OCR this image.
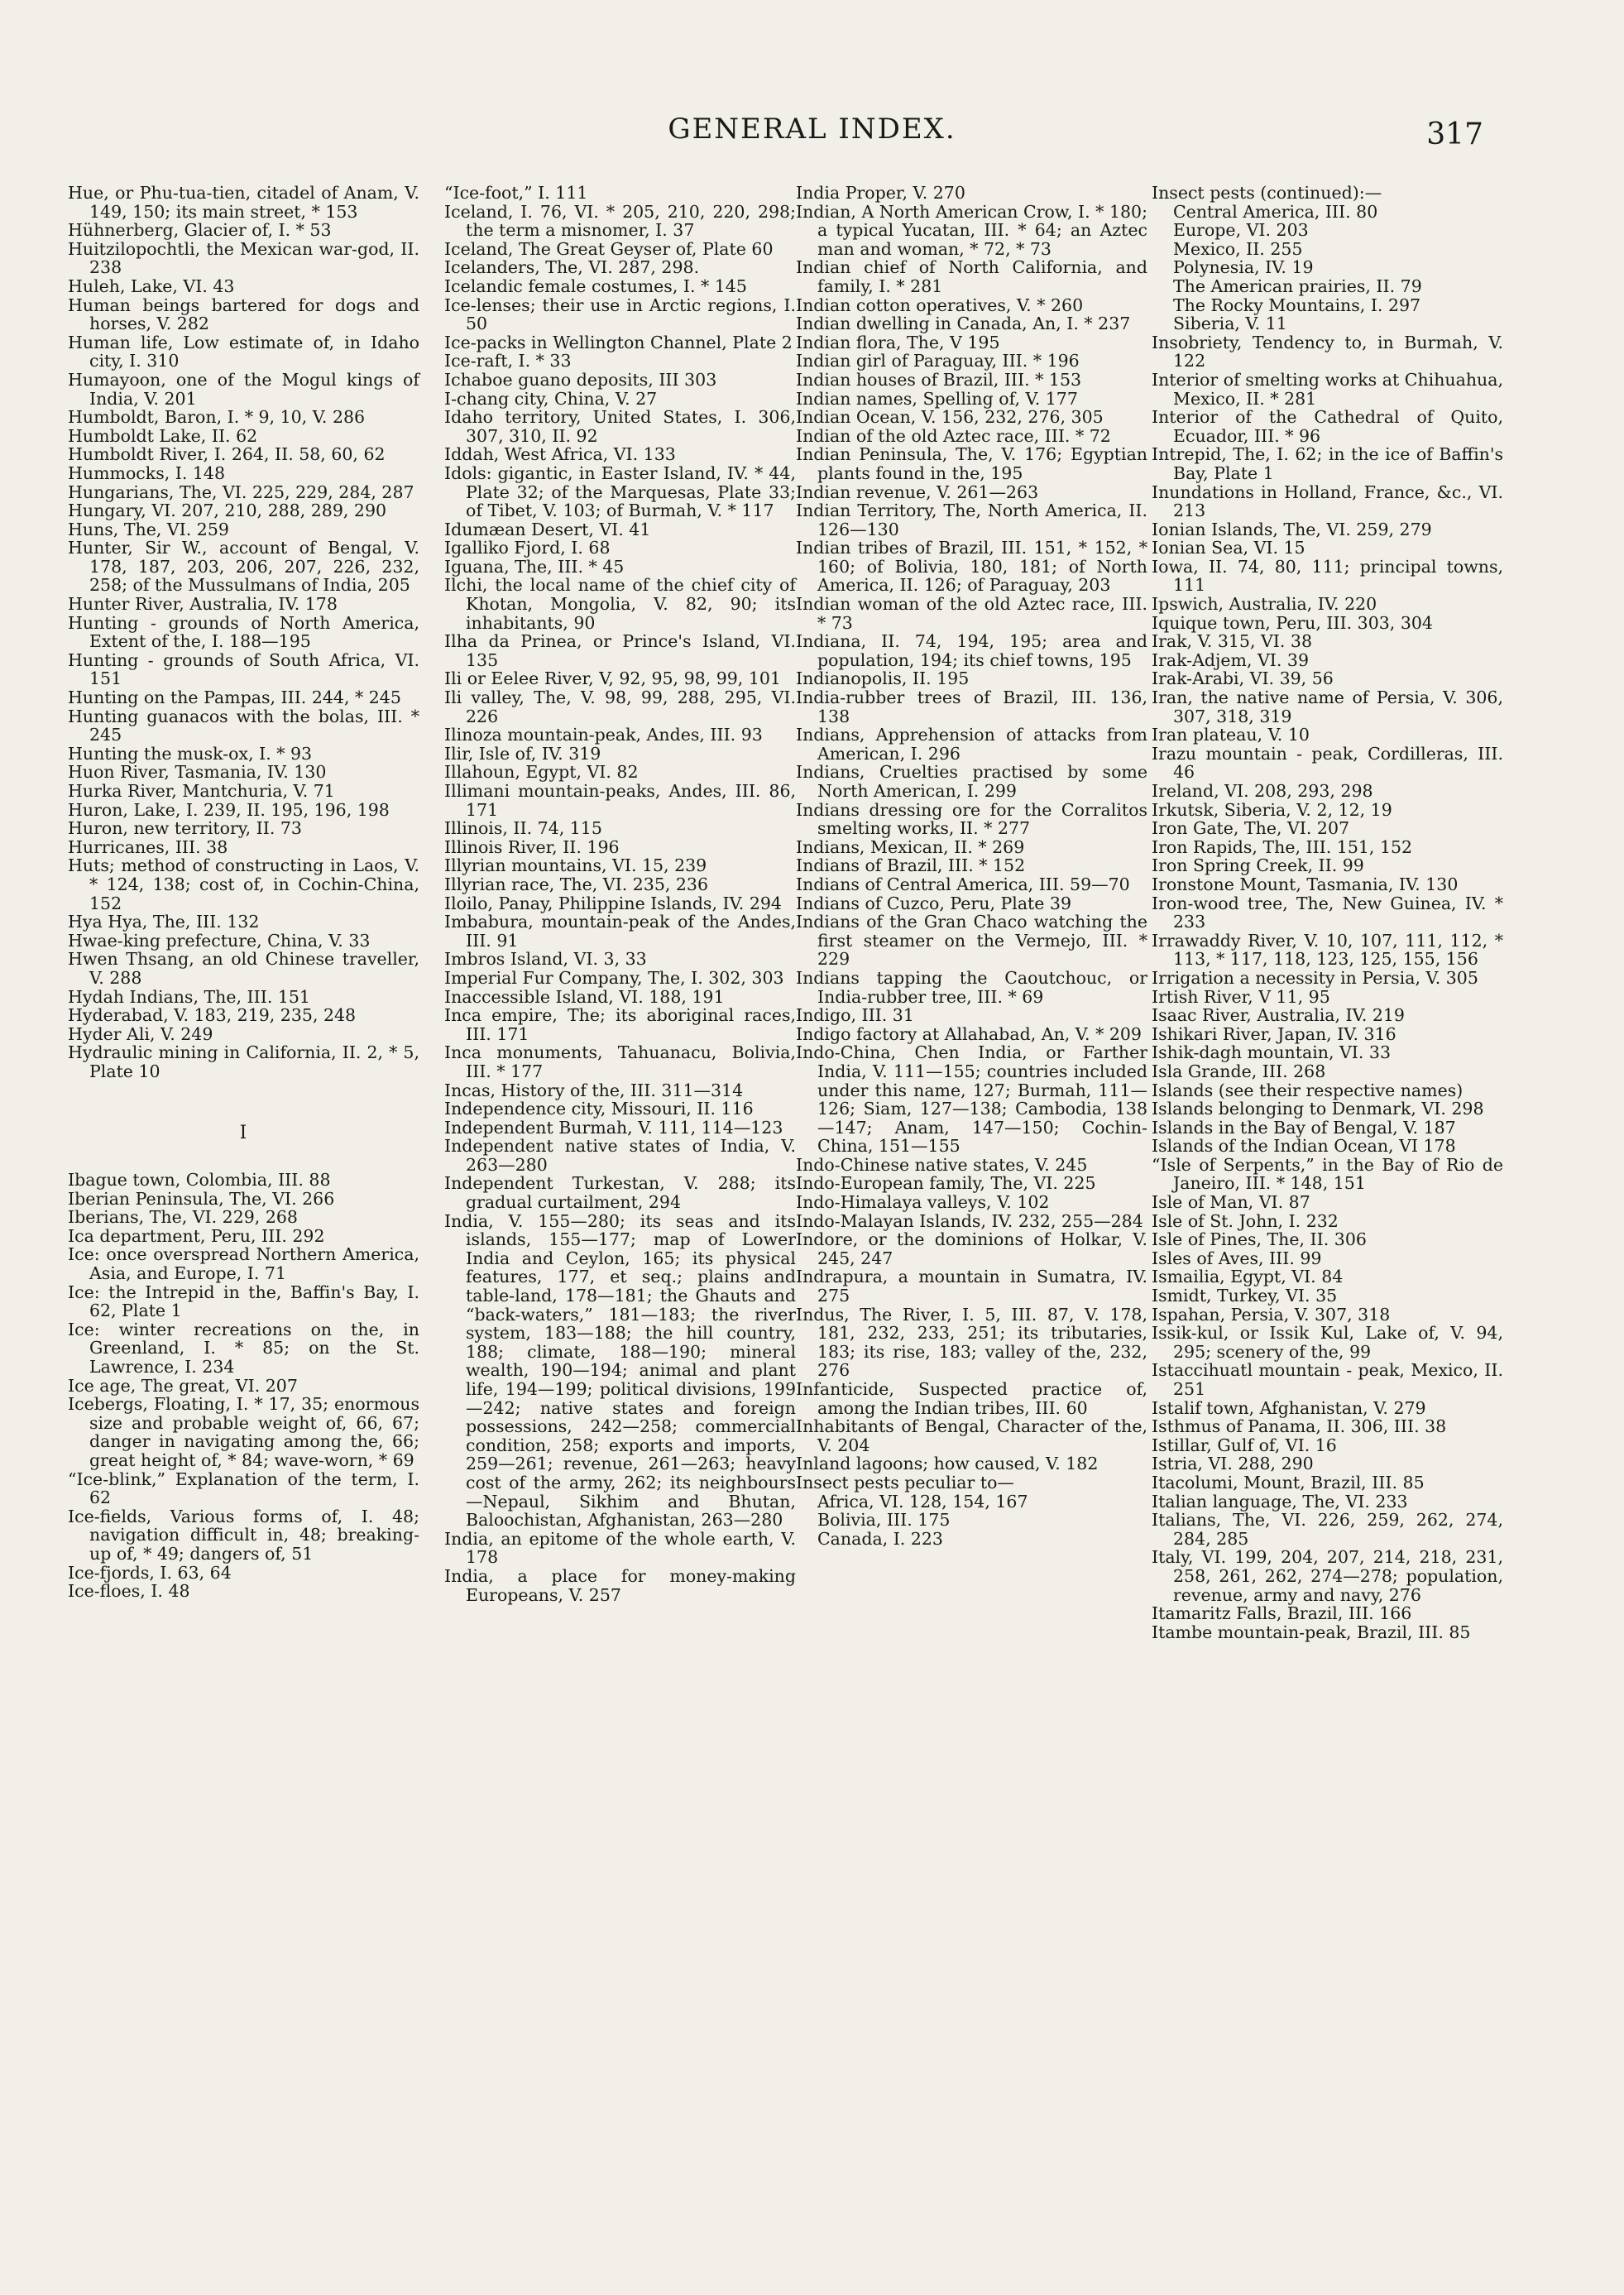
GENERAL INDEX.	317
Hue, or Phu-tua-tien, citadel of Anam, V. 149, 150; its main street, * 153
Hühnerberg, Glacier of, I. * 53
Huitzilopochtli, the Mexican war-god, II. 238
Huleh, Lake, VI. 43
Human beings bartered for dogs and horses, V. 282
Human life, Low estimate of, in Idaho city, I. 310
Humayoon, one of the Mogul kings of India, V. 201
Humboldt, Baron, I. * 9, 10, V. 286
Humboldt Lake, II. 62
Humboldt River, I. 264, II. 58, 60, 62
Hummocks, I. 148
Hungarians, The, VI. 225, 229, 284, 287
Hungary, VI. 207, 210, 288, 289, 290
Huns, The, VI. 259
Hunter, Sir W., account of Bengal, V. 178, 187, 203, 206, 207, 226, 232, 258; of the Mussulmans of India, 205
Hunter River, Australia, IV. 178
Hunting - grounds of North America, Extent of the, I. 188—195
Hunting - grounds of South Africa, VI. 151
Hunting on the Pampas, III. 244, * 245
Hunting guanacos with the bolas, III. * 245
Hunting the musk-ox, I. * 93
Huon River, Tasmania, IV. 130
Hurka River, Mantchuria, V. 71
Huron, Lake, I. 239, II. 195, 196, 198
Huron, new territory, II. 73
Hurricanes, III. 38
Huts; method of constructing in Laos, V. * 124, 138; cost of, in Cochin-China, 152
Hya Hya, The, III. 132
Hwae-king prefecture, China, V. 33
Hwen Thsang, an old Chinese traveller, V. 288
Hydah Indians, The, III. 151
Hyderabad, V. 183, 219, 235, 248
Hyder Ali, V. 249
Hydraulic mining in California, II. 2, * 5, Plate 10
I
Ibague town, Colombia, III. 88
Iberian Peninsula, The, VI. 266
Iberians, The, VI. 229, 268
Ica department, Peru, III. 292
Ice: once overspread Northern America, Asia, and Europe, I. 71
Ice: the Intrepid in the, Baffin's Bay, I. 62, Plate 1
Ice: winter recreations on the, in Greenland, I. * 85; on the St. Lawrence, I. 234
Ice age, The great, VI. 207
Icebergs, Floating, I. * 17, 35; enormous size and probable weight of, 66, 67; danger in navigating among the, 66; great height of, * 84; wave-worn, * 69
“Ice-blink,” Explanation of the term, I. 62
Ice-fields, Various forms of, I. 48; navigation difficult in, 48; breaking-up of, * 49; dangers of, 51
Ice-fjords, I. 63, 64
Ice-floes, I. 48
“Ice-foot,” I. 111
Iceland, I. 76, VI. * 205, 210, 220, 298; the term a misnomer, I. 37
Iceland, The Great Geyser of, Plate 60
Icelanders, The, VI. 287, 298.
Icelandic female costumes, I. * 145
Ice-lenses; their use in Arctic regions, I. 50
Ice-packs in Wellington Channel, Plate 2
Ice-raft, I. * 33
Ichaboe guano deposits, III 303
I-chang city, China, V. 27
Idaho territory, United States, I. 306, 307, 310, II. 92
Iddah, West Africa, VI. 133
Idols: gigantic, in Easter Island, IV. * 44, Plate 32; of the Marquesas, Plate 33; of Tibet, V. 103; of Burmah, V. * 117
Idumæan Desert, VI. 41
Igalliko Fjord, I. 68
Iguana, The, III. * 45
Ilchi, the local name of the chief city of Khotan, Mongolia, V. 82, 90; its inhabitants, 90
Ilha da Prinea, or Prince's Island, VI. 135
Ili or Eelee River, V, 92, 95, 98, 99, 101
Ili valley, The, V. 98, 99, 288, 295, VI. 226
Ilinoza mountain-peak, Andes, III. 93
Ilir, Isle of, IV. 319
Illahoun, Egypt, VI. 82
Illimani mountain-peaks, Andes, III. 86, 171
Illinois, II. 74, 115
Illinois River, II. 196
Illyrian mountains, VI. 15, 239
Illyrian race, The, VI. 235, 236
Iloilo, Panay, Philippine Islands, IV. 294
Imbabura, mountain-peak of the Andes, III. 91
Imbros Island, VI. 3, 33
Imperial Fur Company, The, I. 302, 303
Inaccessible Island, VI. 188, 191
Inca empire, The; its aboriginal races, III. 171
Inca monuments, Tahuanacu, Bolivia, III. * 177
Incas, History of the, III. 311—314
Independence city, Missouri, II. 116
Independent Burmah, V. 111, 114—123
Independent native states of India, V. 263—280
Independent Turkestan, V. 288; its gradual curtailment, 294
India, V. 155—280; its seas and its islands, 155—177; map of Lower India and Ceylon, 165; its physical features, 177, et seq.; plains and table-land, 178—181; the Ghauts and “back-waters,” 181—183; the river system, 183—188; the hill country, 188; climate, 188—190; mineral wealth, 190—194; animal and plant life, 194—199; political divisions, 199—242; native states and foreign possessions, 242—258; commercial condition, 258; exports and imports, 259—261; revenue, 261—263; heavy cost of the army, 262; its neighbours—Nepaul, Sikhim and Bhutan, Baloochistan, Afghanistan, 263—280
India, an epitome of the whole earth, V. 178
India, a place for money-making Europeans, V. 257
India Proper, V. 270
Indian, A North American Crow, I. * 180; a typical Yucatan, III. * 64; an Aztec man and woman, * 72, * 73
Indian chief of North California, and family, I. * 281
Indian cotton operatives, V. * 260
Indian dwelling in Canada, An, I. * 237
Indian flora, The, V 195
Indian girl of Paraguay, III. * 196
Indian houses of Brazil, III. * 153
Indian names, Spelling of, V. 177
Indian Ocean, V. 156, 232, 276, 305
Indian of the old Aztec race, III. * 72
Indian Peninsula, The, V. 176; Egyptian plants found in the, 195
Indian revenue, V. 261—263
Indian Territory, The, North America, II. 126—130
Indian tribes of Brazil, III. 151, * 152, * 160; of Bolivia, 180, 181; of North America, II. 126; of Paraguay, 203
Indian woman of the old Aztec race, III. * 73
Indiana, II. 74, 194, 195; area and population, 194; its chief towns, 195
Indianopolis, II. 195
India-rubber trees of Brazil, III. 136, 138
Indians, Apprehension of attacks from American, I. 296
Indians, Cruelties practised by some North American, I. 299
Indians dressing ore for the Corralitos smelting works, II. * 277
Indians, Mexican, II. * 269
Indians of Brazil, III. * 152
Indians of Central America, III. 59—70
Indians of Cuzco, Peru, Plate 39
Indians of the Gran Chaco watching the first steamer on the Vermejo, III. * 229
Indians tapping the Caoutchouc, or India-rubber tree, III. * 69
Indigo, III. 31
Indigo factory at Allahabad, An, V. * 209
Indo-China, Chen India, or Farther India, V. 111—155; countries included under this name, 127; Burmah, 111—126; Siam, 127—138; Cambodia, 138—147; Anam, 147—150; Cochin-China, 151—155
Indo-Chinese native states, V. 245
Indo-European family, The, VI. 225
Indo-Himalaya valleys, V. 102
Indo-Malayan Islands, IV. 232, 255—284
Indore, or the dominions of Holkar, V. 245, 247
Indrapura, a mountain in Sumatra, IV. 275
Indus, The River, I. 5, III. 87, V. 178, 181, 232, 233, 251; its tributaries, 183; its rise, 183; valley of the, 232, 276
Infanticide, Suspected practice of, among the Indian tribes, III. 60
Inhabitants of Bengal, Character of the, V. 204
Inland lagoons; how caused, V. 182
Insect pests peculiar to—
Africa, VI. 128, 154, 167
Bolivia, III. 175
Canada, I. 223
Insect pests (continued):—
Central America, III. 80
Europe, VI. 203
Mexico, II. 255
Polynesia, IV. 19
The American prairies, II. 79
The Rocky Mountains, I. 297
Siberia, V. 11
Insobriety, Tendency to, in Burmah, V. 122
Interior of smelting works at Chihuahua, Mexico, II. * 281
Interior of the Cathedral of Quito, Ecuador, III. * 96
Intrepid, The, I. 62; in the ice of Baffin's Bay, Plate 1
Inundations in Holland, France, &c., VI. 213
Ionian Islands, The, VI. 259, 279
Ionian Sea, VI. 15
Iowa, II. 74, 80, 111; principal towns, 111
Ipswich, Australia, IV. 220
Iquique town, Peru, III. 303, 304
Irak, V. 315, VI. 38
Irak-Adjem, VI. 39
Irak-Arabi, VI. 39, 56
Iran, the native name of Persia, V. 306, 307, 318, 319
Iran plateau, V. 10
Irazu mountain - peak, Cordilleras, III. 46
Ireland, VI. 208, 293, 298
Irkutsk, Siberia, V. 2, 12, 19
Iron Gate, The, VI. 207
Iron Rapids, The, III. 151, 152
Iron Spring Creek, II. 99
Ironstone Mount, Tasmania, IV. 130
Iron-wood tree, The, New Guinea, IV. * 233
Irrawaddy River, V. 10, 107, 111, 112, * 113, * 117, 118, 123, 125, 155, 156
Irrigation a necessity in Persia, V. 305
Irtish River, V 11, 95
Isaac River, Australia, IV. 219
Ishikari River, Japan, IV. 316
Ishik-dagh mountain, VI. 33
Isla Grande, III. 268
Islands (see their respective names)
Islands belonging to Denmark, VI. 298
Islands in the Bay of Bengal, V. 187
Islands of the Indian Ocean, VI 178
“Isle of Serpents,” in the Bay of Rio de Janeiro, III. * 148, 151
Isle of Man, VI. 87
Isle of St. John, I. 232
Isle of Pines, The, II. 306
Isles of Aves, III. 99
Ismailia, Egypt, VI. 84
Ismidt, Turkey, VI. 35
Ispahan, Persia, V. 307, 318
Issik-kul, or Issik Kul, Lake of, V. 94, 295; scenery of the, 99
Istaccihuatl mountain - peak, Mexico, II. 251
Istalif town, Afghanistan, V. 279
Isthmus of Panama, II. 306, III. 38
Istillar, Gulf of, VI. 16
Istria, VI. 288, 290
Itacolumi, Mount, Brazil, III. 85
Italian language, The, VI. 233
Italians, The, VI. 226, 259, 262, 274, 284, 285
Italy, VI. 199, 204, 207, 214, 218, 231, 258, 261, 262, 274—278; population, revenue, army and navy, 276
Itamaritz Falls, Brazil, III. 166
Itambe mountain-peak, Brazil, III. 85
